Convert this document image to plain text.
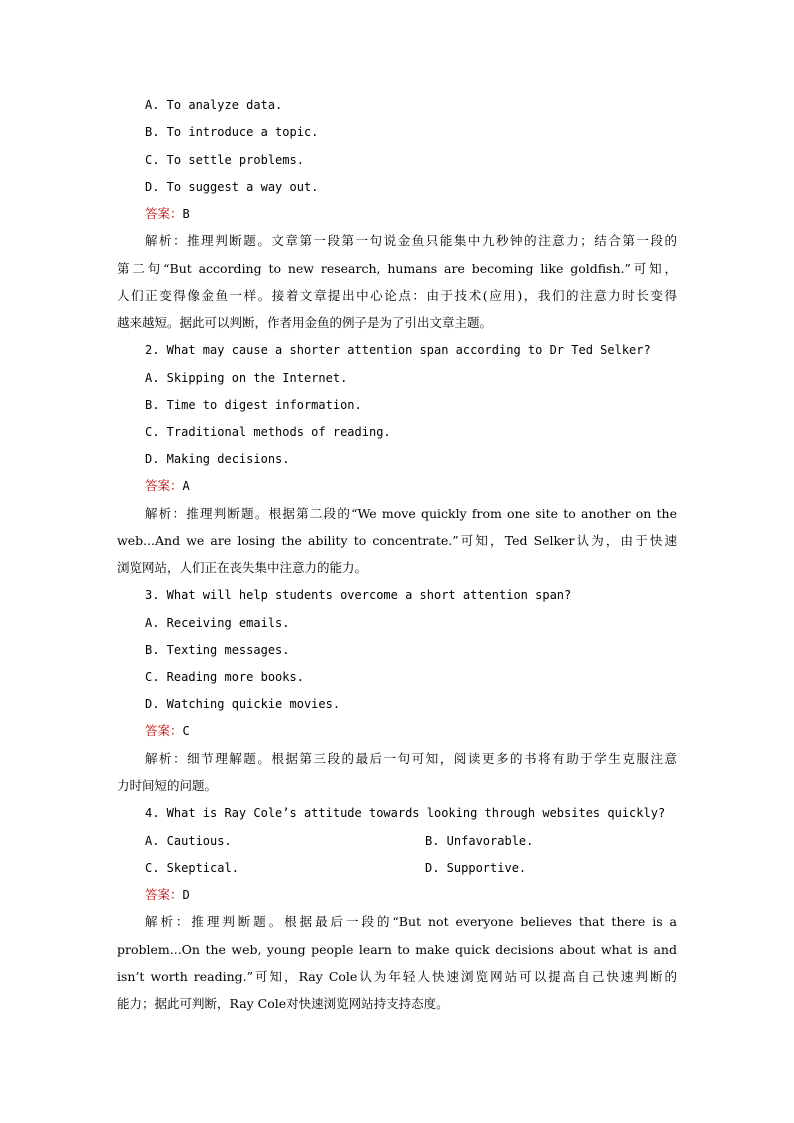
A. To analyze data.
B. To introduce a topic.
C. To settle problems.
D. To suggest a way out.
答案：B
解析：推理判断题。文章第一段第一句说金鱼只能集中九秒钟的注意力；结合第一段的
第二句“But according to new research, humans are becoming like goldfish.”可知，
人们正变得像金鱼一样。接着文章提出中心论点：由于技术(应用)，我们的注意力时长变得
越来越短。据此可以判断，作者用金鱼的例子是为了引出文章主题。
2. What may cause a shorter attention span according to Dr Ted Selker?
A. Skipping on the Internet.
B. Time to digest information.
C. Traditional methods of reading.
D. Making decisions.
答案：A
解析：推理判断题。根据第二段的“We move quickly from one site to another on the
web...And we are losing the ability to concentrate.”可知，Ted Selker认为，由于快速
浏览网站，人们正在丧失集中注意力的能力。
3. What will help students overcome a short attention span?
A. Receiving emails.
B. Texting messages.
C. Reading more books.
D. Watching quickie movies.
答案：C
解析：细节理解题。根据第三段的最后一句可知，阅读更多的书将有助于学生克服注意
力时间短的问题。
4. What is Ray Cole’s attitude towards looking through websites quickly?
A. Cautious.	B. Unfavorable.
C. Skeptical.	D. Supportive.
答案：D
解析：推理判断题。根据最后一段的“But not everyone believes that there is a
problem...On the web, young people learn to make quick decisions about what is and
isn’t worth reading.”可知，Ray Cole认为年轻人快速浏览网站可以提高自己快速判断的
能力；据此可判断，Ray Cole对快速浏览网站持支持态度。
